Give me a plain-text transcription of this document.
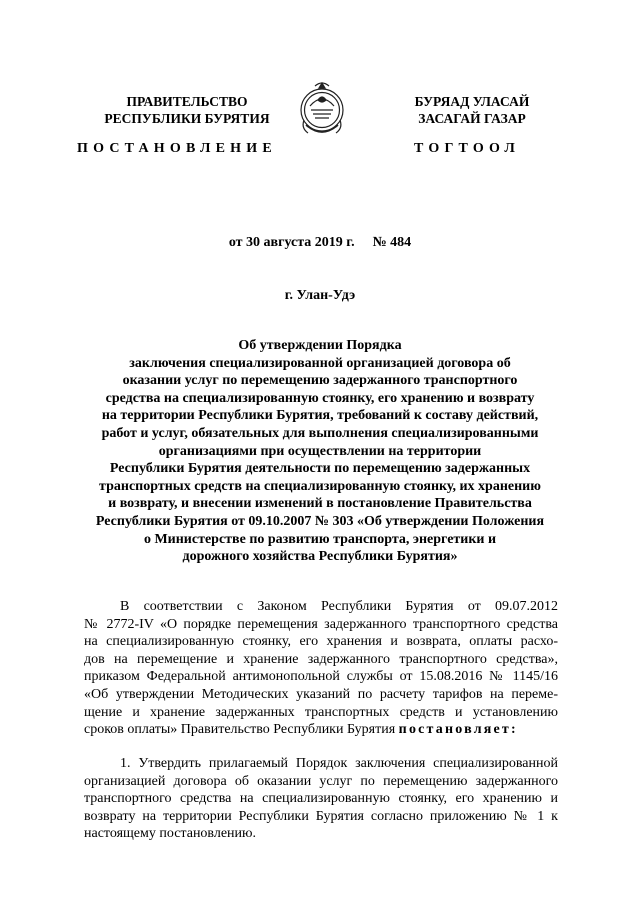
ПРАВИТЕЛЬСТВО
РЕСПУБЛИКИ БУРЯТИЯ
БУРЯАД УЛАСАЙ
ЗАСАГАЙ ГАЗАР
ПОСТАНОВЛЕНИЕ	ТОГТООЛ
от 30 августа 2019 г. № 484
г. Улан-Удэ
Об утверждении Порядка
заключения специализированной организацией договора об
оказании услуг по перемещению задержанного транспортного
средства на специализированную стоянку, его хранению и возврату
на территории Республики Бурятия, требований к составу действий,
работ и услуг, обязательных для выполнения специализированными
организациями при осуществлении на территории
Республики Бурятия деятельности по перемещению задержанных
транспортных средств на специализированную стоянку, их хранению
и возврату, и внесении изменений в постановление Правительства
Республики Бурятия от 09.10.2007 № 303 «Об утверждении Положения
о Министерстве по развитию транспорта, энергетики и
дорожного хозяйства Республики Бурятия»
В соответствии с Законом Республики Бурятия от 09.07.2012
№ 2772-IV «О порядке перемещения задержанного транспортного средства
на специализированную стоянку, его хранения и возврата, оплаты расхо-
дов на перемещение и хранение задержанного транспортного средства»,
приказом Федеральной антимонопольной службы от 15.08.2016 № 1145/16
«Об утверждении Методических указаний по расчету тарифов на переме-
щение и хранение задержанных транспортных средств и установлению
сроков оплаты» Правительство Республики Бурятия постановляет:
1. Утвердить прилагаемый Порядок заключения специализированной
организацией договора об оказании услуг по перемещению задержанного
транспортного средства на специализированную стоянку, его хранению и
возврату на территории Республики Бурятия согласно приложению № 1 к
настоящему постановлению.
